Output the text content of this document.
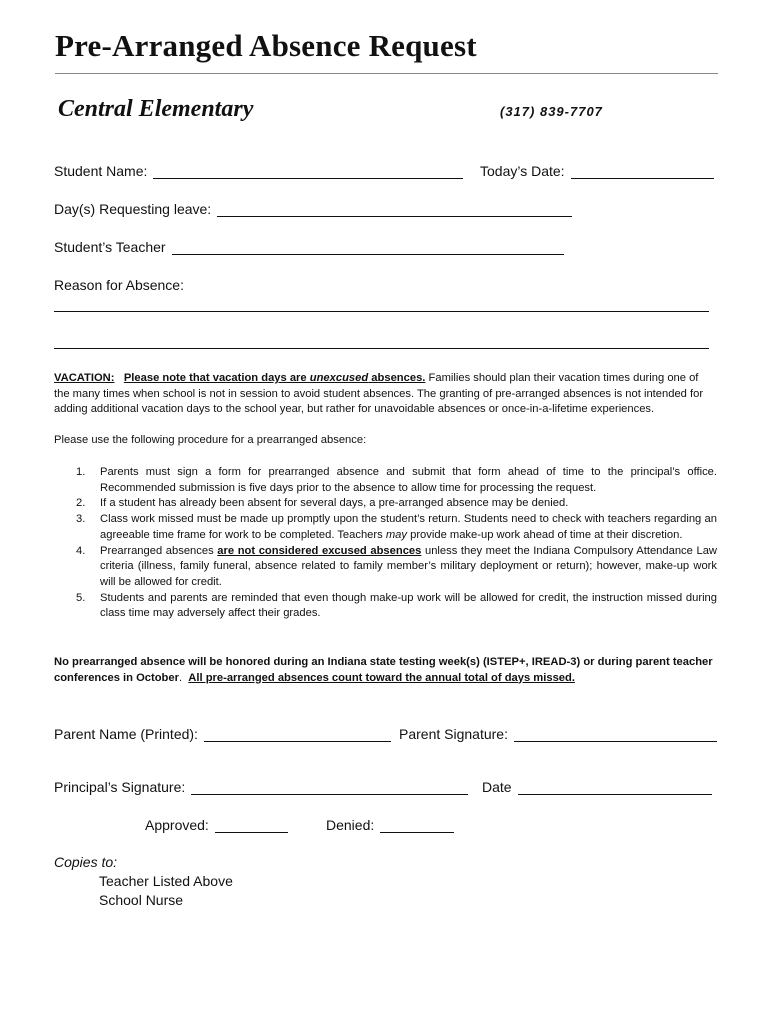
Pre-Arranged Absence Request
Central Elementary	(317) 839-7707
Student Name:	Today’s Date:
Day(s) Requesting leave:
Student’s Teacher
Reason for Absence:
VACATION: Please note that vacation days are unexcused absences. Families should plan their vacation times during one of the many times when school is not in session to avoid student absences. The granting of pre-arranged absences is not intended for adding additional vacation days to the school year, but rather for unavoidable absences or once-in-a-lifetime experiences.
Please use the following procedure for a prearranged absence:
1. Parents must sign a form for prearranged absence and submit that form ahead of time to the principal’s office. Recommended submission is five days prior to the absence to allow time for processing the request.
2. If a student has already been absent for several days, a pre-arranged absence may be denied.
3. Class work missed must be made up promptly upon the student’s return. Students need to check with teachers regarding an agreeable time frame for work to be completed. Teachers may provide make-up work ahead of time at their discretion.
4. Prearranged absences are not considered excused absences unless they meet the Indiana Compulsory Attendance Law criteria (illness, family funeral, absence related to family member’s military deployment or return); however, make-up work will be allowed for credit.
5. Students and parents are reminded that even though make-up work will be allowed for credit, the instruction missed during class time may adversely affect their grades.
No prearranged absence will be honored during an Indiana state testing week(s) (ISTEP+, IREAD-3) or during parent teacher conferences in October. All pre-arranged absences count toward the annual total of days missed.
Parent Name (Printed):	Parent Signature:
Principal’s Signature:	Date
Approved:	Denied:
Copies to:
Teacher Listed Above
School Nurse
